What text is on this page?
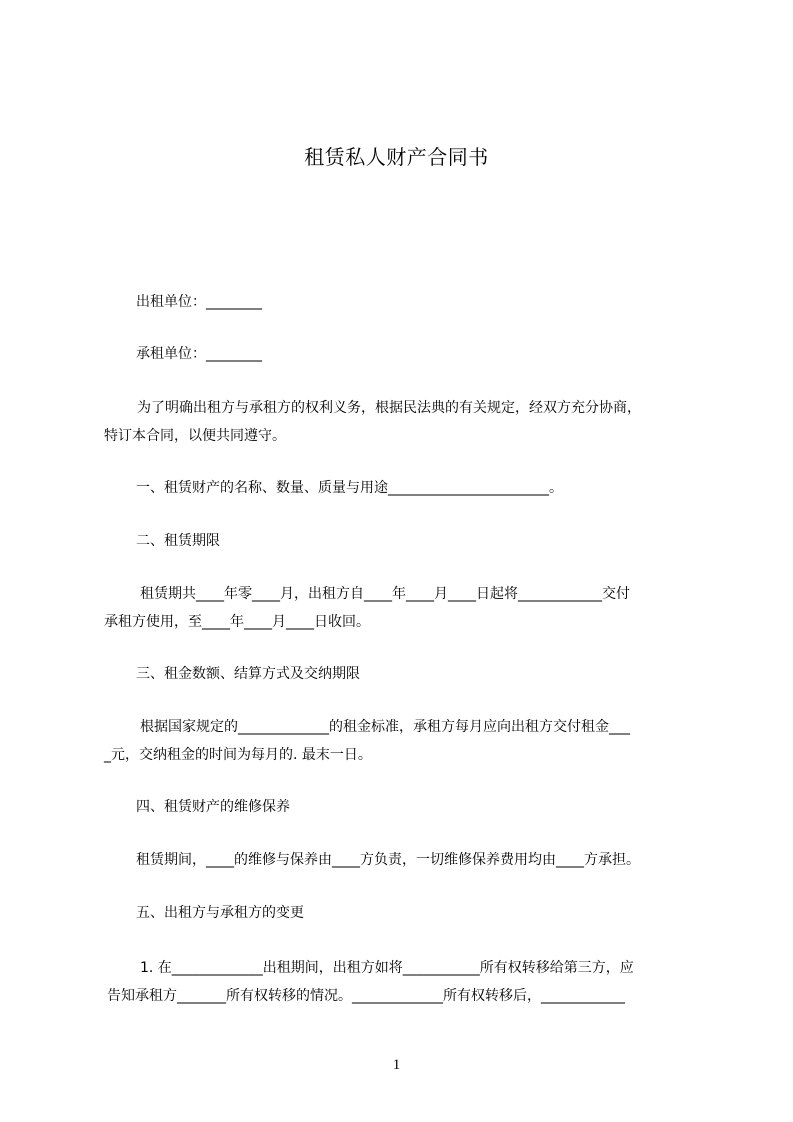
租赁私人财产合同书
出租单位：________
承租单位：________
为了明确出租方与承租方的权利义务，根据民法典的有关规定，经双方充分协商，
特订本合同，以便共同遵守。
一、租赁财产的名称、数量、质量与用途_______________________。
二、租赁期限
租赁期共____年零____月，出租方自____年____月____日起将____________交付
承租方使用，至____年____月____日收回。
三、租金数额、结算方式及交纳期限
根据国家规定的_____________的租金标准，承租方每月应向出租方交付租金___
_元，交纳租金的时间为每月的. 最末一日。
四、租赁财产的维修保养
租赁期间，____的维修与保养由____方负责，一切维修保养费用均由____方承担。
五、出租方与承租方的变更
1. 在_____________出租期间，出租方如将___________所有权转移给第三方，应
告知承租方_______所有权转移的情况。_____________所有权转移后，____________
1
